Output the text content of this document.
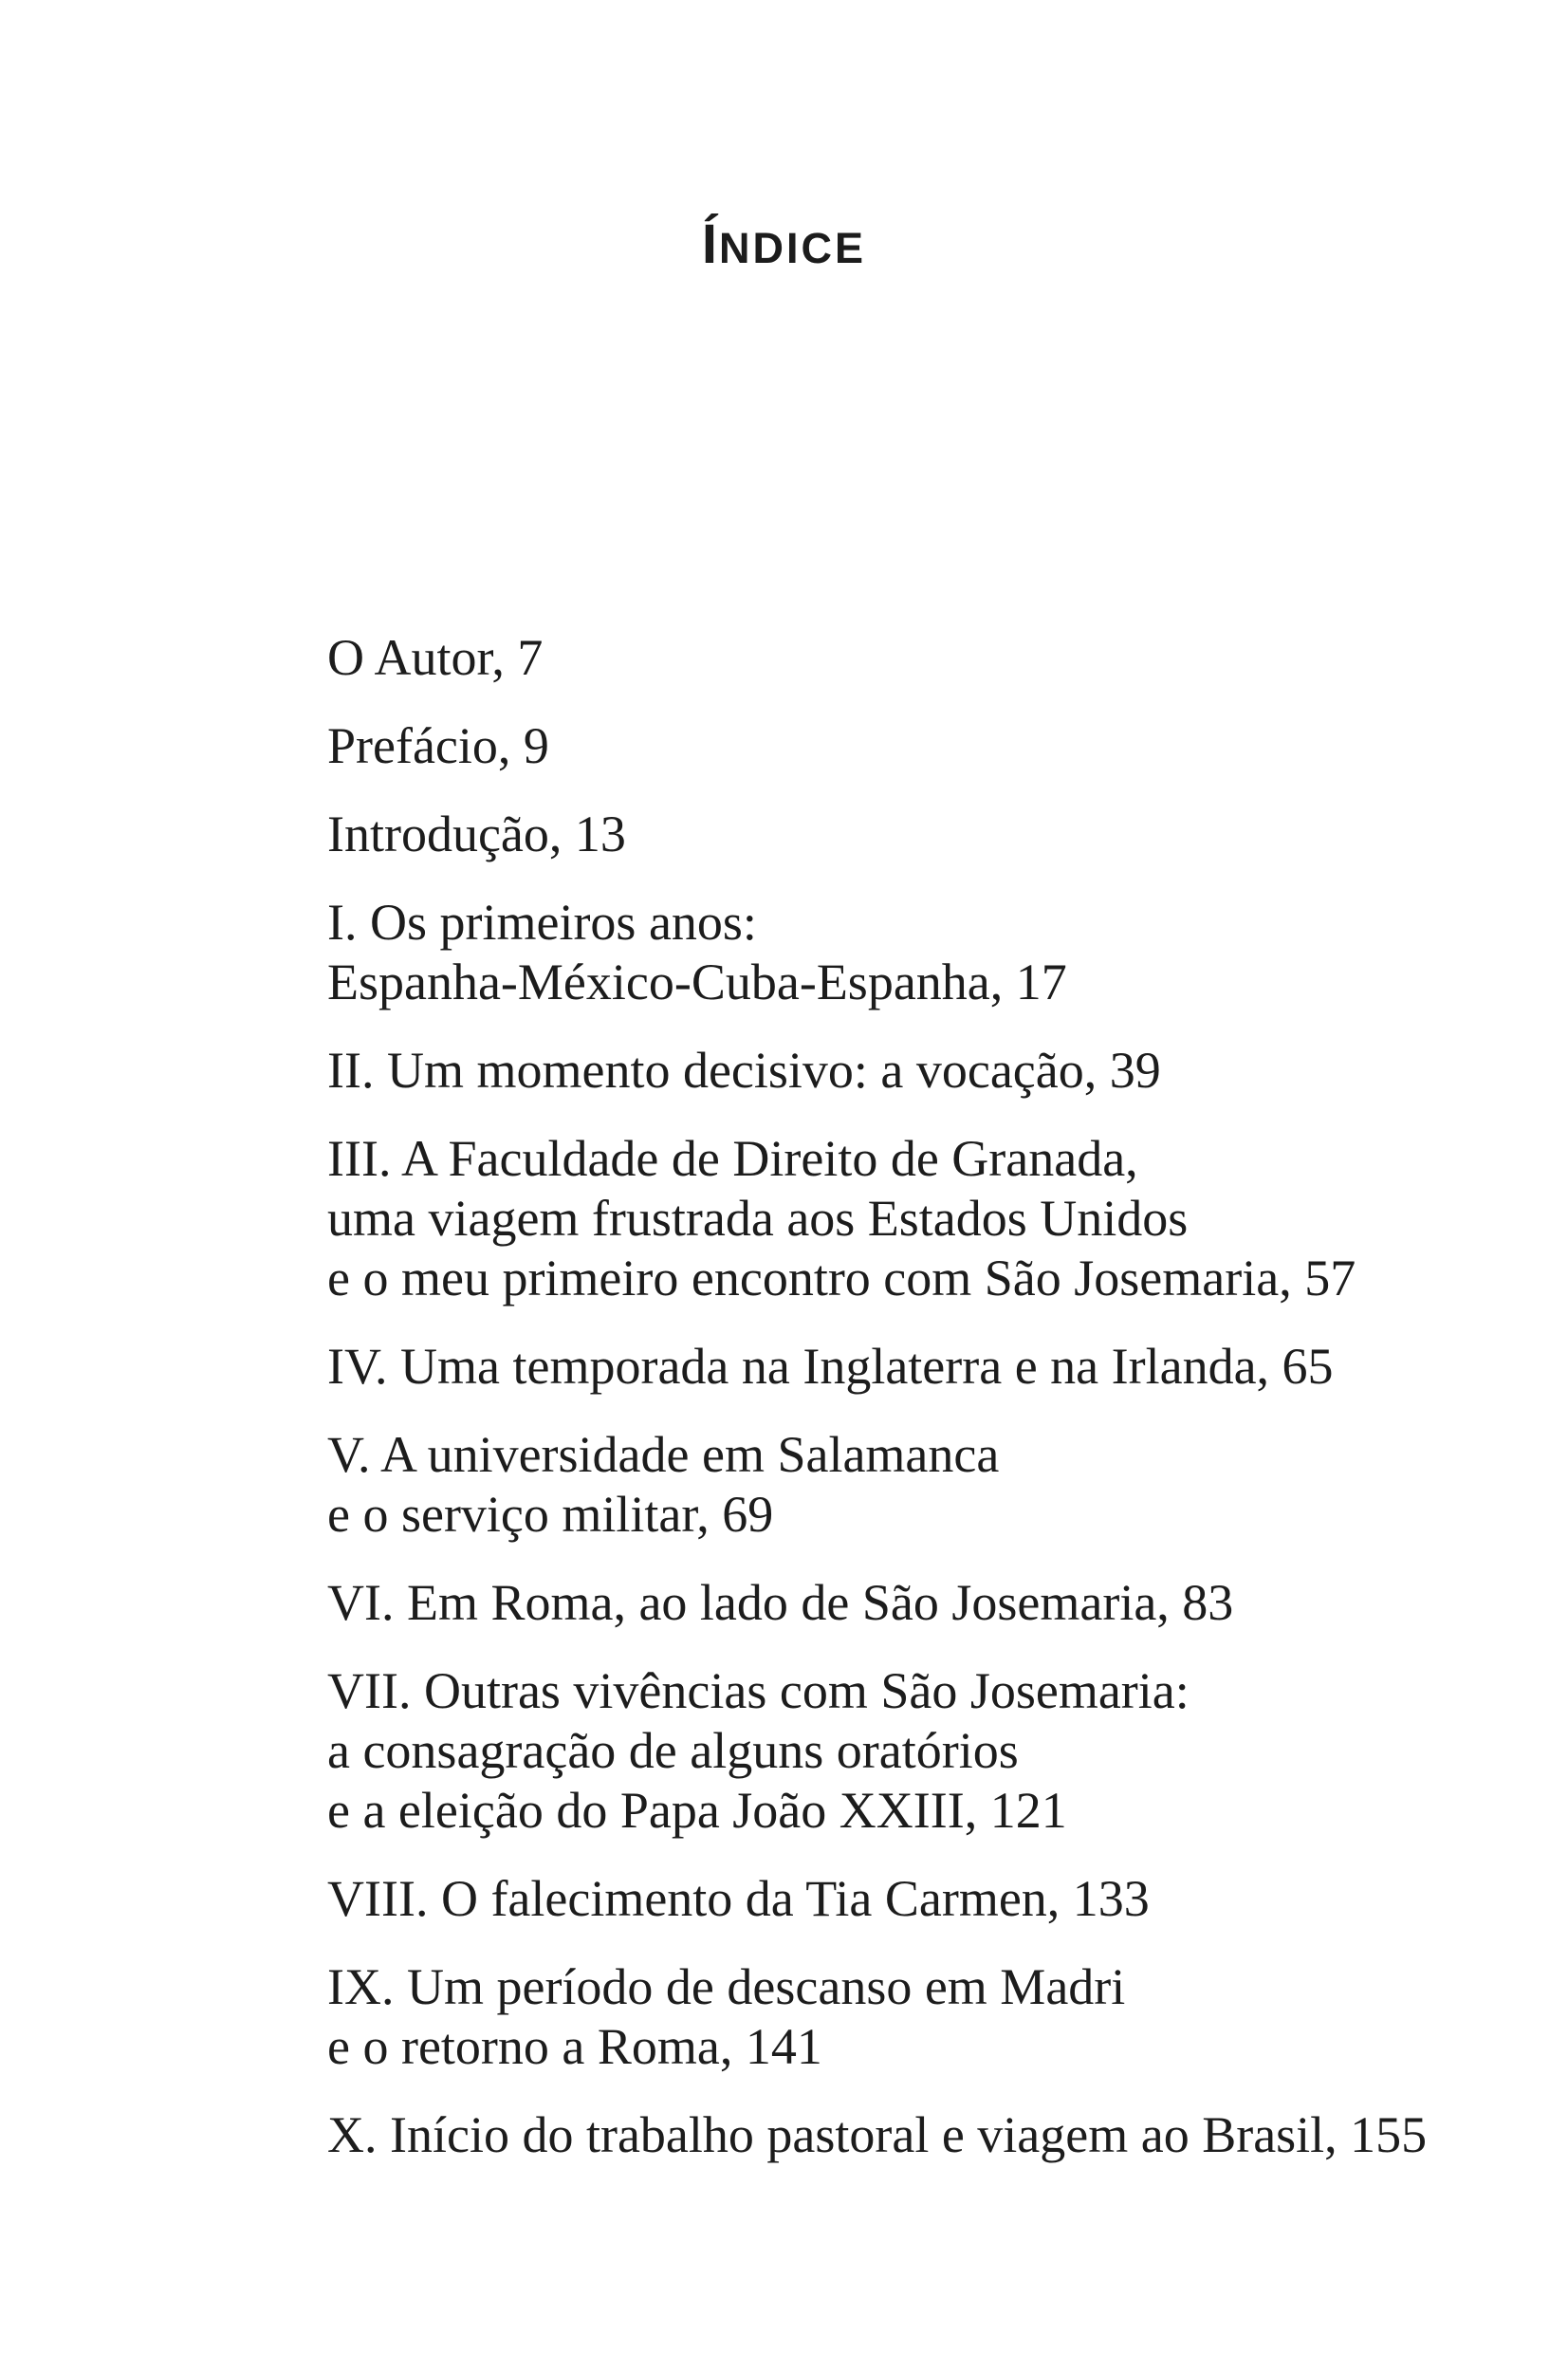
ÍNDICE
O Autor, 7
Prefácio, 9
Introdução, 13
I. Os primeiros anos:
Espanha-México-Cuba-Espanha, 17
II. Um momento decisivo: a vocação, 39
III. A Faculdade de Direito de Granada,
uma viagem frustrada aos Estados Unidos
e o meu primeiro encontro com São Josemaria, 57
IV. Uma temporada na Inglaterra e na Irlanda, 65
V. A universidade em Salamanca
e o serviço militar, 69
VI. Em Roma, ao lado de São Josemaria, 83
VII. Outras vivências com São Josemaria:
a consagração de alguns oratórios
e a eleição do Papa João XXIII, 121
VIII. O falecimento da Tia Carmen, 133
IX. Um período de descanso em Madri
e o retorno a Roma, 141
X. Início do trabalho pastoral e viagem ao Brasil, 155
